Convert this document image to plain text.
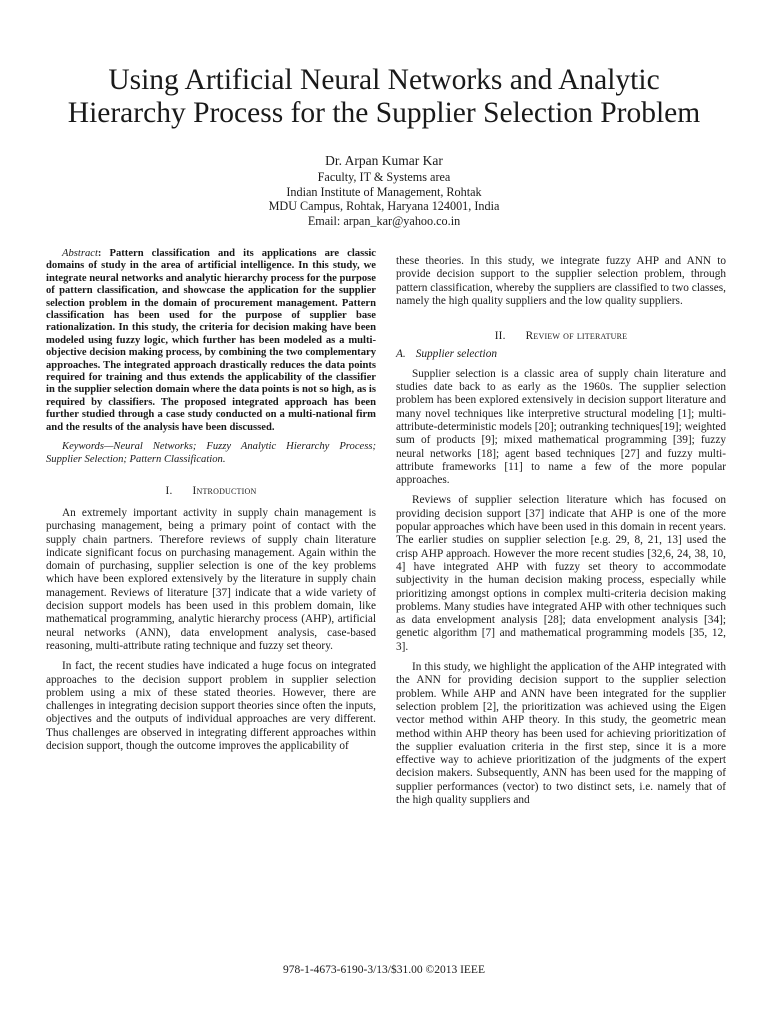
Using Artificial Neural Networks and Analytic
Hierarchy Process for the Supplier Selection Problem
Dr. Arpan Kumar Kar
Faculty, IT & Systems area
Indian Institute of Management, Rohtak
MDU Campus, Rohtak, Haryana 124001, India
Email: arpan_kar@yahoo.co.in

Abstract: Pattern classification and its applications are classic domains of study in the area of artificial intelligence. In this study, we integrate neural networks and analytic hierarchy process for the purpose of pattern classification, and showcase the application for the supplier selection problem in the domain of procurement management. Pattern classification has been used for the purpose of supplier base rationalization. In this study, the criteria for decision making have been modeled using fuzzy logic, which further has been modeled as a multi-objective decision making process, by combining the two complementary approaches. The integrated approach drastically reduces the data points required for training and thus extends the applicability of the classifier in the supplier selection domain where the data points is not so high, as is required by classifiers. The proposed integrated approach has been further studied through a case study conducted on a multi-national firm and the results of the analysis have been discussed.

Keywords—Neural Networks; Fuzzy Analytic Hierarchy Process; Supplier Selection; Pattern Classification.

I. Introduction

An extremely important activity in supply chain management is purchasing management, being a primary point of contact with the supply chain partners. Therefore reviews of supply chain literature indicate significant focus on purchasing management. Again within the domain of purchasing, supplier selection is one of the key problems which have been explored extensively by the literature in supply chain management. Reviews of literature [37] indicate that a wide variety of decision support models has been used in this problem domain, like mathematical programming, analytic hierarchy process (AHP), artificial neural networks (ANN), data envelopment analysis, case-based reasoning, multi-attribute rating technique and fuzzy set theory.

In fact, the recent studies have indicated a huge focus on integrated approaches to the decision support problem in supplier selection problem using a mix of these stated theories. However, there are challenges in integrating decision support theories since often the inputs, objectives and the outputs of individual approaches are very different. Thus challenges are observed in integrating different approaches within decision support, though the outcome improves the applicability of

these theories. In this study, we integrate fuzzy AHP and ANN to provide decision support to the supplier selection problem, through pattern classification, whereby the suppliers are classified to two classes, namely the high quality suppliers and the low quality suppliers.

II. Review of literature
A. Supplier selection

Supplier selection is a classic area of supply chain literature and studies date back to as early as the 1960s. The supplier selection problem has been explored extensively in decision support literature and many novel techniques like interpretive structural modeling [1]; multi-attribute-deterministic models [20]; outranking techniques[19]; weighted sum of products [9]; mixed mathematical programming [39]; fuzzy neural networks [18]; agent based techniques [27] and fuzzy multi-attribute frameworks [11] to name a few of the more popular approaches.

Reviews of supplier selection literature which has focused on providing decision support [37] indicate that AHP is one of the more popular approaches which have been used in this domain in recent years. The earlier studies on supplier selection [e.g. 29, 8, 21, 13] used the crisp AHP approach. However the more recent studies [32,6, 24, 38, 10, 4] have integrated AHP with fuzzy set theory to accommodate subjectivity in the human decision making process, especially while prioritizing amongst options in complex multi-criteria decision making problems. Many studies have integrated AHP with other techniques such as data envelopment analysis [28]; data envelopment analysis [34]; genetic algorithm [7] and mathematical programming models [35, 12, 3].

In this study, we highlight the application of the AHP integrated with the ANN for providing decision support to the supplier selection problem. While AHP and ANN have been integrated for the supplier selection problem [2], the prioritization was achieved using the Eigen vector method within AHP theory. In this study, the geometric mean method within AHP theory has been used for achieving prioritization of the supplier evaluation criteria in the first step, since it is a more effective way to achieve prioritization of the judgments of the expert decision makers. Subsequently, ANN has been used for the mapping of supplier performances (vector) to two distinct sets, i.e. namely that of the high quality suppliers and

978-1-4673-6190-3/13/$31.00 ©2013 IEEE
